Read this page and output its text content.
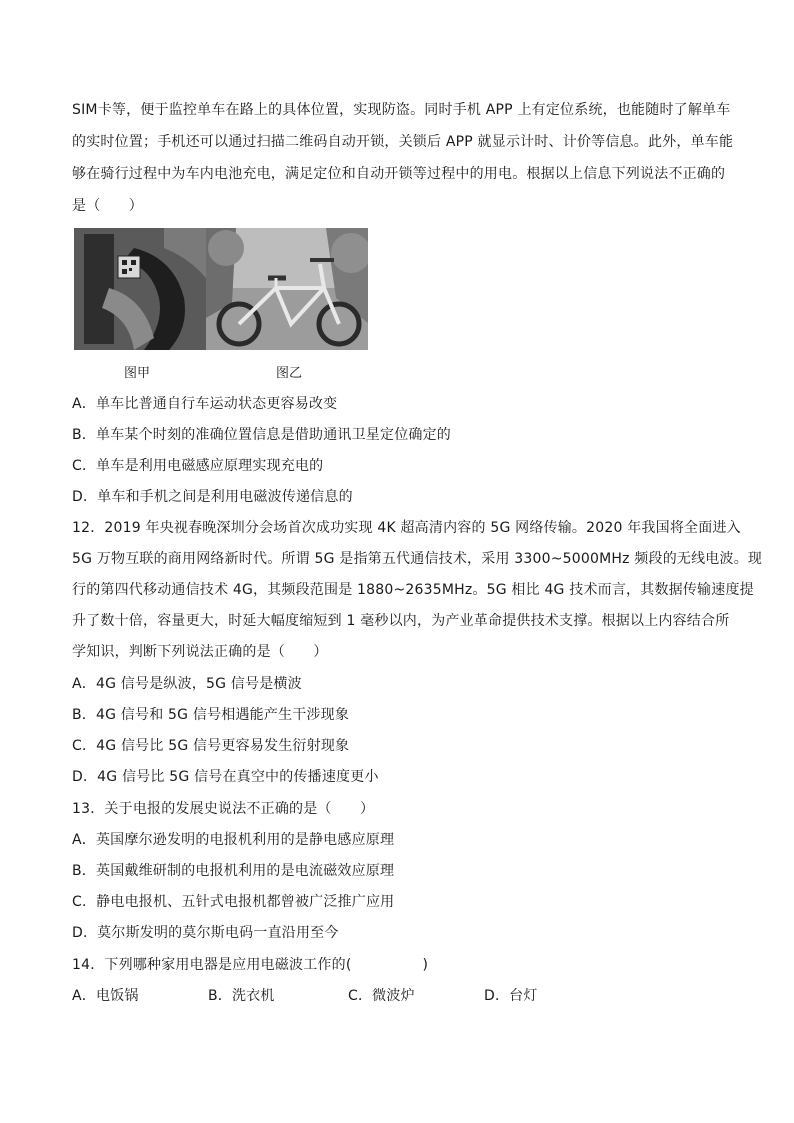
SIM卡等，便于监控单车在路上的具体位置，实现防盗。同时手机 APP 上有定位系统，也能随时了解单车
的实时位置；手机还可以通过扫描二维码自动开锁，关锁后 APP 就显示计时、计价等信息。此外，单车能
够在骑行过程中为车内电池充电，满足定位和自动开锁等过程中的用电。根据以上信息下列说法不正确的
是（　　）
图甲	图乙
A．单车比普通自行车运动状态更容易改变
B．单车某个时刻的准确位置信息是借助通讯卫星定位确定的
C．单车是利用电磁感应原理实现充电的
D．单车和手机之间是利用电磁波传递信息的
12．2019 年央视春晚深圳分会场首次成功实现 4K 超高清内容的 5G 网络传输。2020 年我国将全面进入
5G 万物互联的商用网络新时代。所谓 5G 是指第五代通信技术，采用 3300~5000MHz 频段的无线电波。现
行的第四代移动通信技术 4G，其频段范围是 1880~2635MHz。5G 相比 4G 技术而言，其数据传输速度提
升了数十倍，容量更大，时延大幅度缩短到 1 毫秒以内，为产业革命提供技术支撑。根据以上内容结合所
学知识，判断下列说法正确的是（　　）
A．4G 信号是纵波，5G 信号是横波
B．4G 信号和 5G 信号相遇能产生干涉现象
C．4G 信号比 5G 信号更容易发生衍射现象
D．4G 信号比 5G 信号在真空中的传播速度更小
13．关于电报的发展史说法不正确的是（　　）
A．英国摩尔逊发明的电报机利用的是静电感应原理
B．英国戴维研制的电报机利用的是电流磁效应原理
C．静电电报机、五针式电报机都曾被广泛推广应用
D．莫尔斯发明的莫尔斯电码一直沿用至今
14．下列哪种家用电器是应用电磁波工作的(　　　　　)
A．电饭锅	B．洗衣机	C．微波炉	D．台灯
